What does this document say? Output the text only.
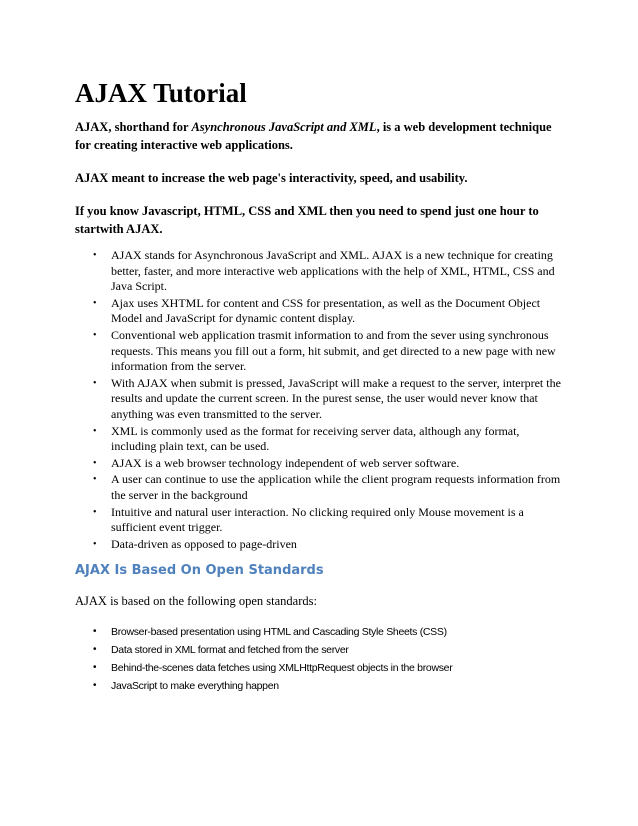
AJAX Tutorial

AJAX, shorthand for Asynchronous JavaScript and XML, is a web development technique for creating interactive web applications.

AJAX meant to increase the web page's interactivity, speed, and usability.

If you know Javascript, HTML, CSS and XML then you need to spend just one hour to startwith AJAX.

• AJAX stands for Asynchronous JavaScript and XML. AJAX is a new technique for creating better, faster, and more interactive web applications with the help of XML, HTML, CSS and Java Script.
• Ajax uses XHTML for content and CSS for presentation, as well as the Document Object Model and JavaScript for dynamic content display.
• Conventional web application trasmit information to and from the sever using synchronous requests. This means you fill out a form, hit submit, and get directed to a new page with new information from the server.
• With AJAX when submit is pressed, JavaScript will make a request to the server, interpret the results and update the current screen. In the purest sense, the user would never know that anything was even transmitted to the server.
• XML is commonly used as the format for receiving server data, although any format, including plain text, can be used.
• AJAX is a web browser technology independent of web server software.
• A user can continue to use the application while the client program requests information from the server in the background
• Intuitive and natural user interaction. No clicking required only Mouse movement is a sufficient event trigger.
• Data-driven as opposed to page-driven
AJAX Is Based On Open Standards

AJAX is based on the following open standards:

• Browser-based presentation using HTML and Cascading Style Sheets (CSS)
• Data stored in XML format and fetched from the server
• Behind-the-scenes data fetches using XMLHttpRequest objects in the browser
• JavaScript to make everything happen
